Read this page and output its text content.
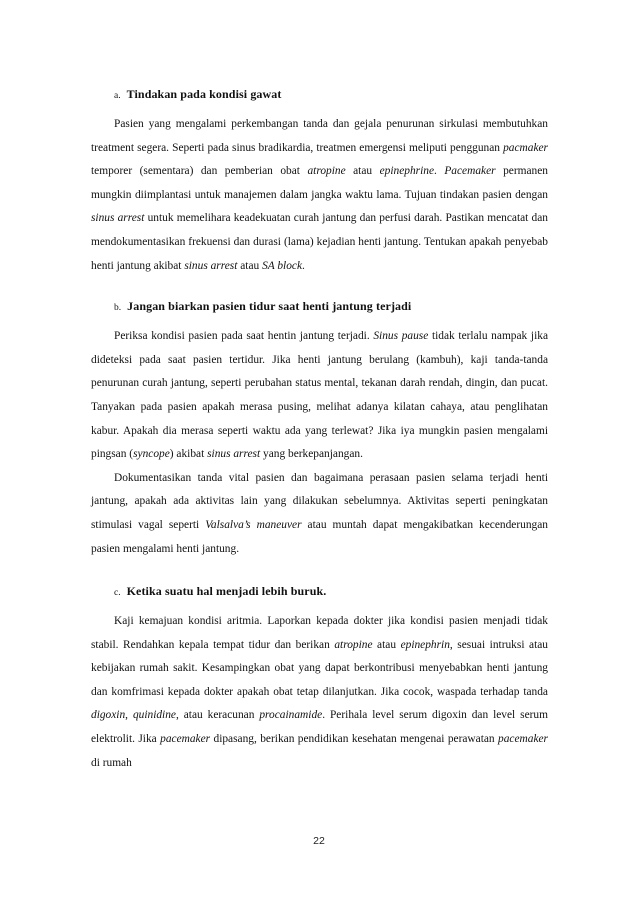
a. Tindakan pada kondisi gawat

Pasien yang mengalami perkembangan tanda dan gejala penurunan sirkulasi membutuhkan treatment segera. Seperti pada sinus bradikardia, treatmen emergensi meliputi penggunan pacmaker temporer (sementara) dan pemberian obat atropine atau epinephrine. Pacemaker permanen mungkin diimplantasi untuk manajemen dalam jangka waktu lama. Tujuan tindakan pasien dengan sinus arrest untuk memelihara keadekuatan curah jantung dan perfusi darah. Pastikan mencatat dan mendokumentasikan frekuensi dan durasi (lama) kejadian henti jantung. Tentukan apakah penyebab henti jantung akibat sinus arrest atau SA block.

b. Jangan biarkan pasien tidur saat henti jantung terjadi

Periksa kondisi pasien pada saat hentin jantung terjadi. Sinus pause tidak terlalu nampak jika dideteksi pada saat pasien tertidur. Jika henti jantung berulang (kambuh), kaji tanda-tanda penurunan curah jantung, seperti perubahan status mental, tekanan darah rendah, dingin, dan pucat. Tanyakan pada pasien apakah merasa pusing, melihat adanya kilatan cahaya, atau penglihatan kabur. Apakah dia merasa seperti waktu ada yang terlewat? Jika iya mungkin pasien mengalami pingsan (syncope) akibat sinus arrest yang berkepanjangan.

Dokumentasikan tanda vital pasien dan bagaimana perasaan pasien selama terjadi henti jantung, apakah ada aktivitas lain yang dilakukan sebelumnya. Aktivitas seperti peningkatan stimulasi vagal seperti Valsalva’s maneuver atau muntah dapat mengakibatkan kecenderungan pasien mengalami henti jantung.

c. Ketika suatu hal menjadi lebih buruk.

Kaji kemajuan kondisi aritmia. Laporkan kepada dokter jika kondisi pasien menjadi tidak stabil. Rendahkan kepala tempat tidur dan berikan atropine atau epinephrin, sesuai intruksi atau kebijakan rumah sakit. Kesampingkan obat yang dapat berkontribusi menyebabkan henti jantung dan komfrimasi kepada dokter apakah obat tetap dilanjutkan. Jika cocok, waspada terhadap tanda digoxin, quinidine, atau keracunan procainamide. Perihala level serum digoxin dan level serum elektrolit. Jika pacemaker dipasang, berikan pendidikan kesehatan mengenai perawatan pacemaker di rumah

22
